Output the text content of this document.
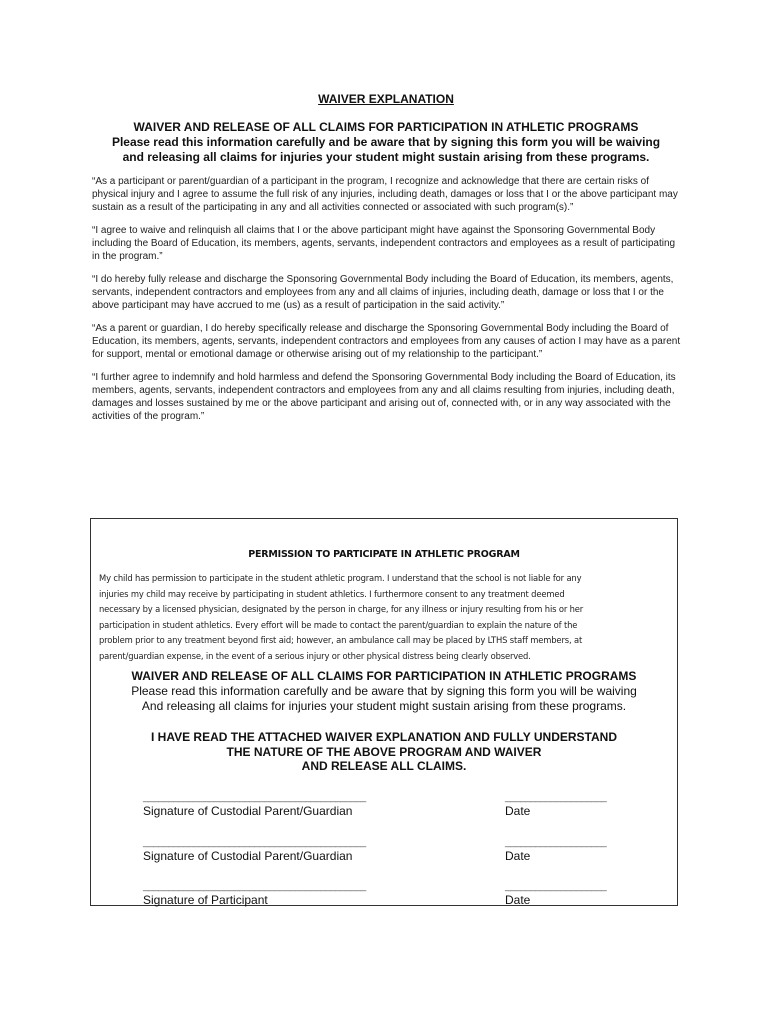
WAIVER EXPLANATION
WAIVER AND RELEASE OF ALL CLAIMS FOR PARTICIPATION IN ATHLETIC PROGRAMS
Please read this information carefully and be aware that by signing this form you will be waiving
and releasing all claims for injuries your student might sustain arising from these programs.

“As a participant or parent/guardian of a participant in the program, I recognize and acknowledge that there are certain risks of physical injury and I agree to assume the full risk of any injuries, including death, damages or loss that I or the above participant may sustain as a result of the participating in any and all activities connected or associated with such program(s).”

“I agree to waive and relinquish all claims that I or the above participant might have against the Sponsoring Governmental Body including the Board of Education, its members, agents, servants, independent contractors and employees as a result of participating in the program.”

“I do hereby fully release and discharge the Sponsoring Governmental Body including the Board of Education, its members, agents, servants, independent contractors and employees from any and all claims of injuries, including death, damage or loss that I or the above participant may have accrued to me (us) as a result of participation in the said activity.”

“As a parent or guardian, I do hereby specifically release and discharge the Sponsoring Governmental Body including the Board of Education, its members, agents, servants, independent contractors and employees from any causes of action I may have as a parent for support, mental or emotional damage or otherwise arising out of my relationship to the participant.”

“I further agree to indemnify and hold harmless and defend the Sponsoring Governmental Body including the Board of Education, its members, agents, servants, independent contractors and employees from any and all claims resulting from injuries, including death, damages and losses sustained by me or the above participant and arising out of, connected with, or in any way associated with the activities of the program.”

PERMISSION TO PARTICIPATE IN ATHLETIC PROGRAM
My child has permission to participate in the student athletic program. I understand that the school is not liable for any
injuries my child may receive by participating in student athletics. I furthermore consent to any treatment deemed
necessary by a licensed physician, designated by the person in charge, for any illness or injury resulting from his or her
participation in student athletics. Every effort will be made to contact the parent/guardian to explain the nature of the
problem prior to any treatment beyond first aid; however, an ambulance call may be placed by LTHS staff members, at
parent/guardian expense, in the event of a serious injury or other physical distress being clearly observed.
WAIVER AND RELEASE OF ALL CLAIMS FOR PARTICIPATION IN ATHLETIC PROGRAMS
Please read this information carefully and be aware that by signing this form you will be waiving
And releasing all claims for injuries your student might sustain arising from these programs.
I HAVE READ THE ATTACHED WAIVER EXPLANATION AND FULLY UNDERSTAND
THE NATURE OF THE ABOVE PROGRAM AND WAIVER
AND RELEASE ALL CLAIMS.
____________________________________________
Signature of Custodial Parent/Guardian
____________________
Date
____________________________________________
Signature of Custodial Parent/Guardian
____________________
Date
____________________________________________
Signature of Participant
____________________
Date
